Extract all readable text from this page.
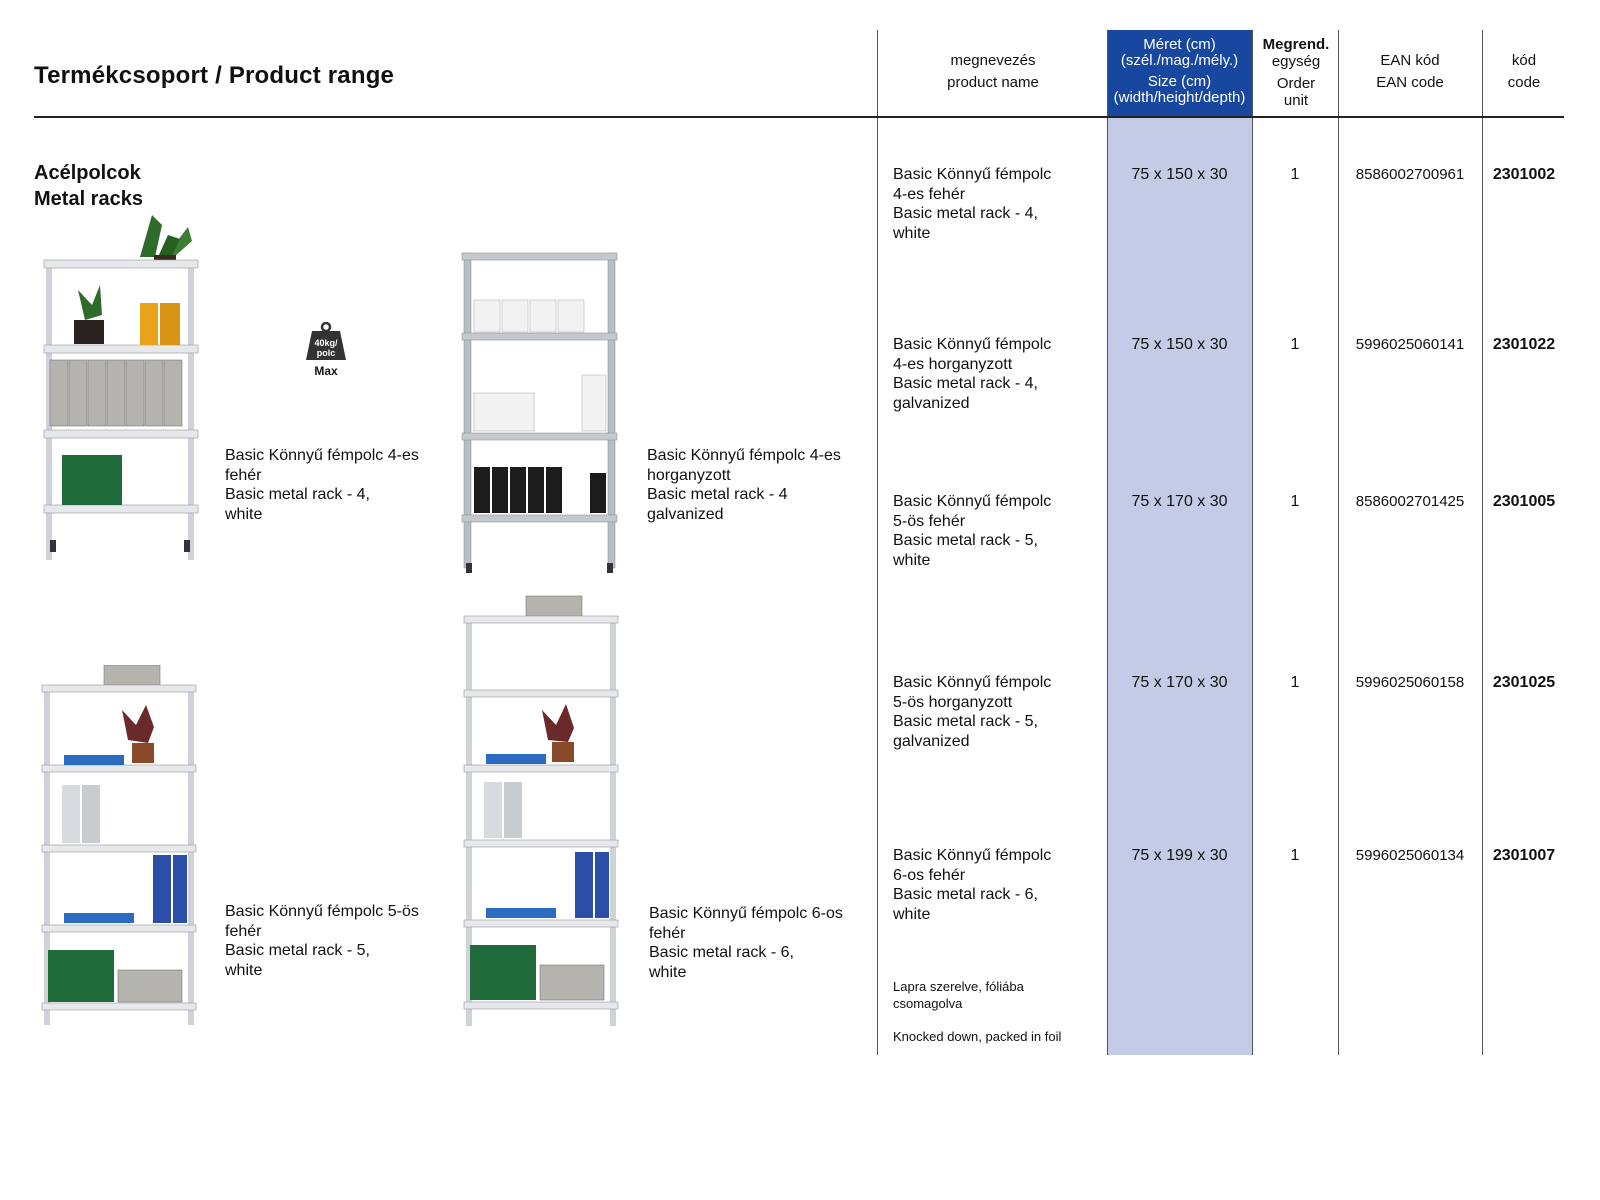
Termékcsoport / Product range
megnevezés
product name
Méret (cm)
(szél./mag./mély.)
Size (cm)
(width/height/depth)
Megrend.
egység
Order
unit
EAN kód
EAN code
kód
code
Acélpolcok
Metal racks
40kg/
polc
Max
Basic Könnyű fémpolc 4-es
fehér
Basic metal rack - 4,
white
Basic Könnyű fémpolc 4-es
horganyzott
Basic metal rack - 4
galvanized
Basic Könnyű fémpolc 5-ös
fehér
Basic metal rack - 5,
white
Basic Könnyű fémpolc 6-os
fehér
Basic metal rack - 6,
white
Basic Könnyű fémpolc
4-es fehér
Basic metal rack - 4,
white
75 x 150 x 30	1	8586002700961	2301002
Basic Könnyű fémpolc
4-es horganyzott
Basic metal rack - 4,
galvanized
75 x 150 x 30	1	5996025060141	2301022
Basic Könnyű fémpolc
5-ös fehér
Basic metal rack - 5,
white
75 x 170 x 30	1	8586002701425	2301005
Basic Könnyű fémpolc
5-ös horganyzott
Basic metal rack - 5,
galvanized
75 x 170 x 30	1	5996025060158	2301025
Basic Könnyű fémpolc
6-os fehér
Basic metal rack - 6,
white
75 x 199 x 30	1	5996025060134	2301007
Lapra szerelve, fóliába
csomagolva
Knocked down, packed in foil
